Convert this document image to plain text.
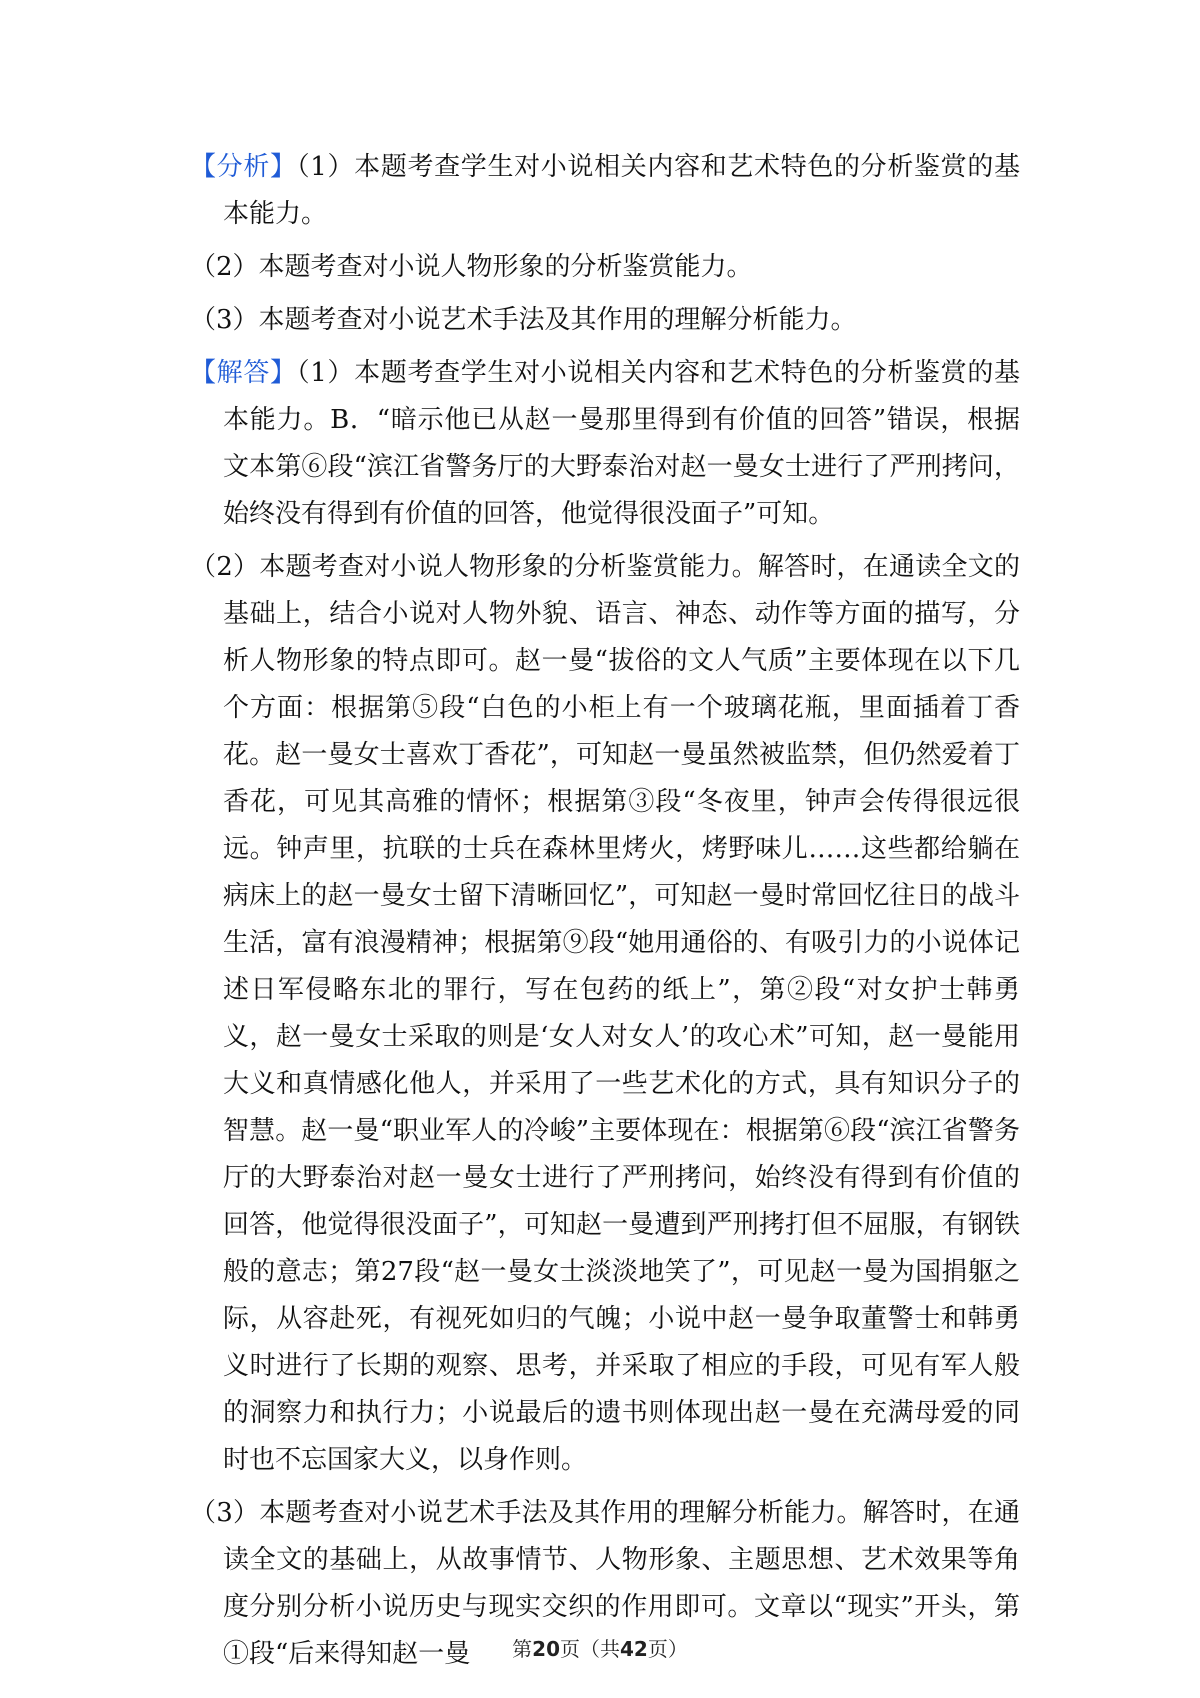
【分析】（1）本题考查学生对小说相关内容和艺术特色的分析鉴赏的基本能力。

（2）本题考查对小说人物形象的分析鉴赏能力。

（3）本题考查对小说艺术手法及其作用的理解分析能力。

【解答】（1）本题考查学生对小说相关内容和艺术特色的分析鉴赏的基本能力。B．“暗示他已从赵一曼那里得到有价值的回答”错误，根据文本第⑥段“滨江省警务厅的大野泰治对赵一曼女士进行了严刑拷问，始终没有得到有价值的回答，他觉得很没面子”可知。

（2）本题考查对小说人物形象的分析鉴赏能力。解答时，在通读全文的基础上，结合小说对人物外貌、语言、神态、动作等方面的描写，分析人物形象的特点即可。赵一曼“拔俗的文人气质”主要体现在以下几个方面：根据第⑤段“白色的小柜上有一个玻璃花瓶，里面插着丁香花。赵一曼女士喜欢丁香花”，可知赵一曼虽然被监禁，但仍然爱着丁香花，可见其高雅的情怀；根据第③段“冬夜里，钟声会传得很远很远。钟声里，抗联的士兵在森林里烤火，烤野味儿……这些都给躺在病床上的赵一曼女士留下清晰回忆”，可知赵一曼时常回忆往日的战斗生活，富有浪漫精神；根据第⑨段“她用通俗的、有吸引力的小说体记述日军侵略东北的罪行，写在包药的纸上”，第②段“对女护士韩勇义，赵一曼女士采取的则是‘女人对女人’的攻心术”可知，赵一曼能用大义和真情感化他人，并采用了一些艺术化的方式，具有知识分子的智慧。赵一曼“职业军人的冷峻”主要体现在：根据第⑥段“滨江省警务厅的大野泰治对赵一曼女士进行了严刑拷问，始终没有得到有价值的回答，他觉得很没面子”，可知赵一曼遭到严刑拷打但不屈服，有钢铁般的意志；第27段“赵一曼女士淡淡地笑了”，可见赵一曼为国捐躯之际，从容赴死，有视死如归的气魄；小说中赵一曼争取董警士和韩勇义时进行了长期的观察、思考，并采取了相应的手段，可见有军人般的洞察力和执行力；小说最后的遗书则体现出赵一曼在充满母爱的同时也不忘国家大义，以身作则。

（3）本题考查对小说艺术手法及其作用的理解分析能力。解答时，在通读全文的基础上，从故事情节、人物形象、主题思想、艺术效果等角度分别分析小说历史与现实交织的作用即可。文章以“现实”开头，第①段“后来得知赵一曼	第20页（共42页）
